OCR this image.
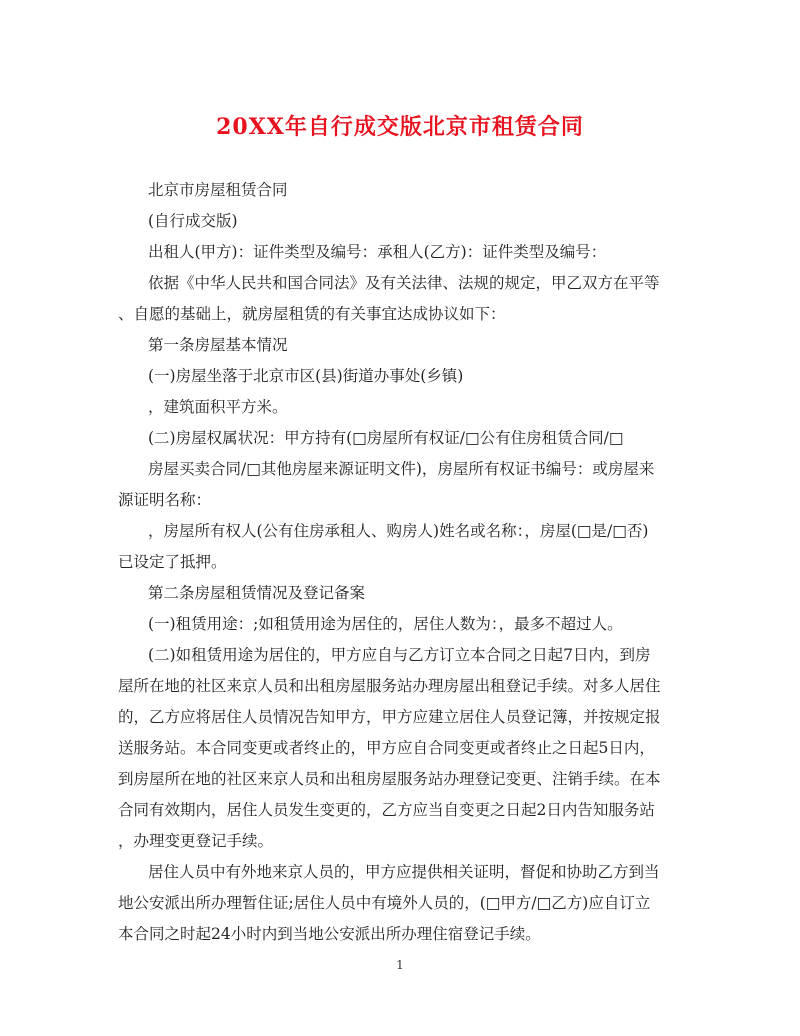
20XX年自行成交版北京市租赁合同
北京市房屋租赁合同
(自行成交版)
出租人(甲方)：证件类型及编号：承租人(乙方)：证件类型及编号：
依据《中华人民共和国合同法》及有关法律、法规的规定，甲乙双方在平等
、自愿的基础上，就房屋租赁的有关事宜达成协议如下：
第一条房屋基本情况
(一)房屋坐落于北京市区(县)街道办事处(乡镇)
，建筑面积平方米。
(二)房屋权属状况：甲方持有(□房屋所有权证/□公有住房租赁合同/□
房屋买卖合同/□其他房屋来源证明文件)，房屋所有权证书编号：或房屋来
源证明名称：
，房屋所有权人(公有住房承租人、购房人)姓名或名称：，房屋(□是/□否)
已设定了抵押。
第二条房屋租赁情况及登记备案
(一)租赁用途：;如租赁用途为居住的，居住人数为：，最多不超过人。
(二)如租赁用途为居住的，甲方应自与乙方订立本合同之日起7日内，到房
屋所在地的社区来京人员和出租房屋服务站办理房屋出租登记手续。对多人居住
的，乙方应将居住人员情况告知甲方，甲方应建立居住人员登记簿，并按规定报
送服务站。本合同变更或者终止的，甲方应自合同变更或者终止之日起5日内，
到房屋所在地的社区来京人员和出租房屋服务站办理登记变更、注销手续。在本
合同有效期内，居住人员发生变更的，乙方应当自变更之日起2日内告知服务站
，办理变更登记手续。
居住人员中有外地来京人员的，甲方应提供相关证明，督促和协助乙方到当
地公安派出所办理暂住证;居住人员中有境外人员的，(□甲方/□乙方)应自订立
本合同之时起24小时内到当地公安派出所办理住宿登记手续。
1
